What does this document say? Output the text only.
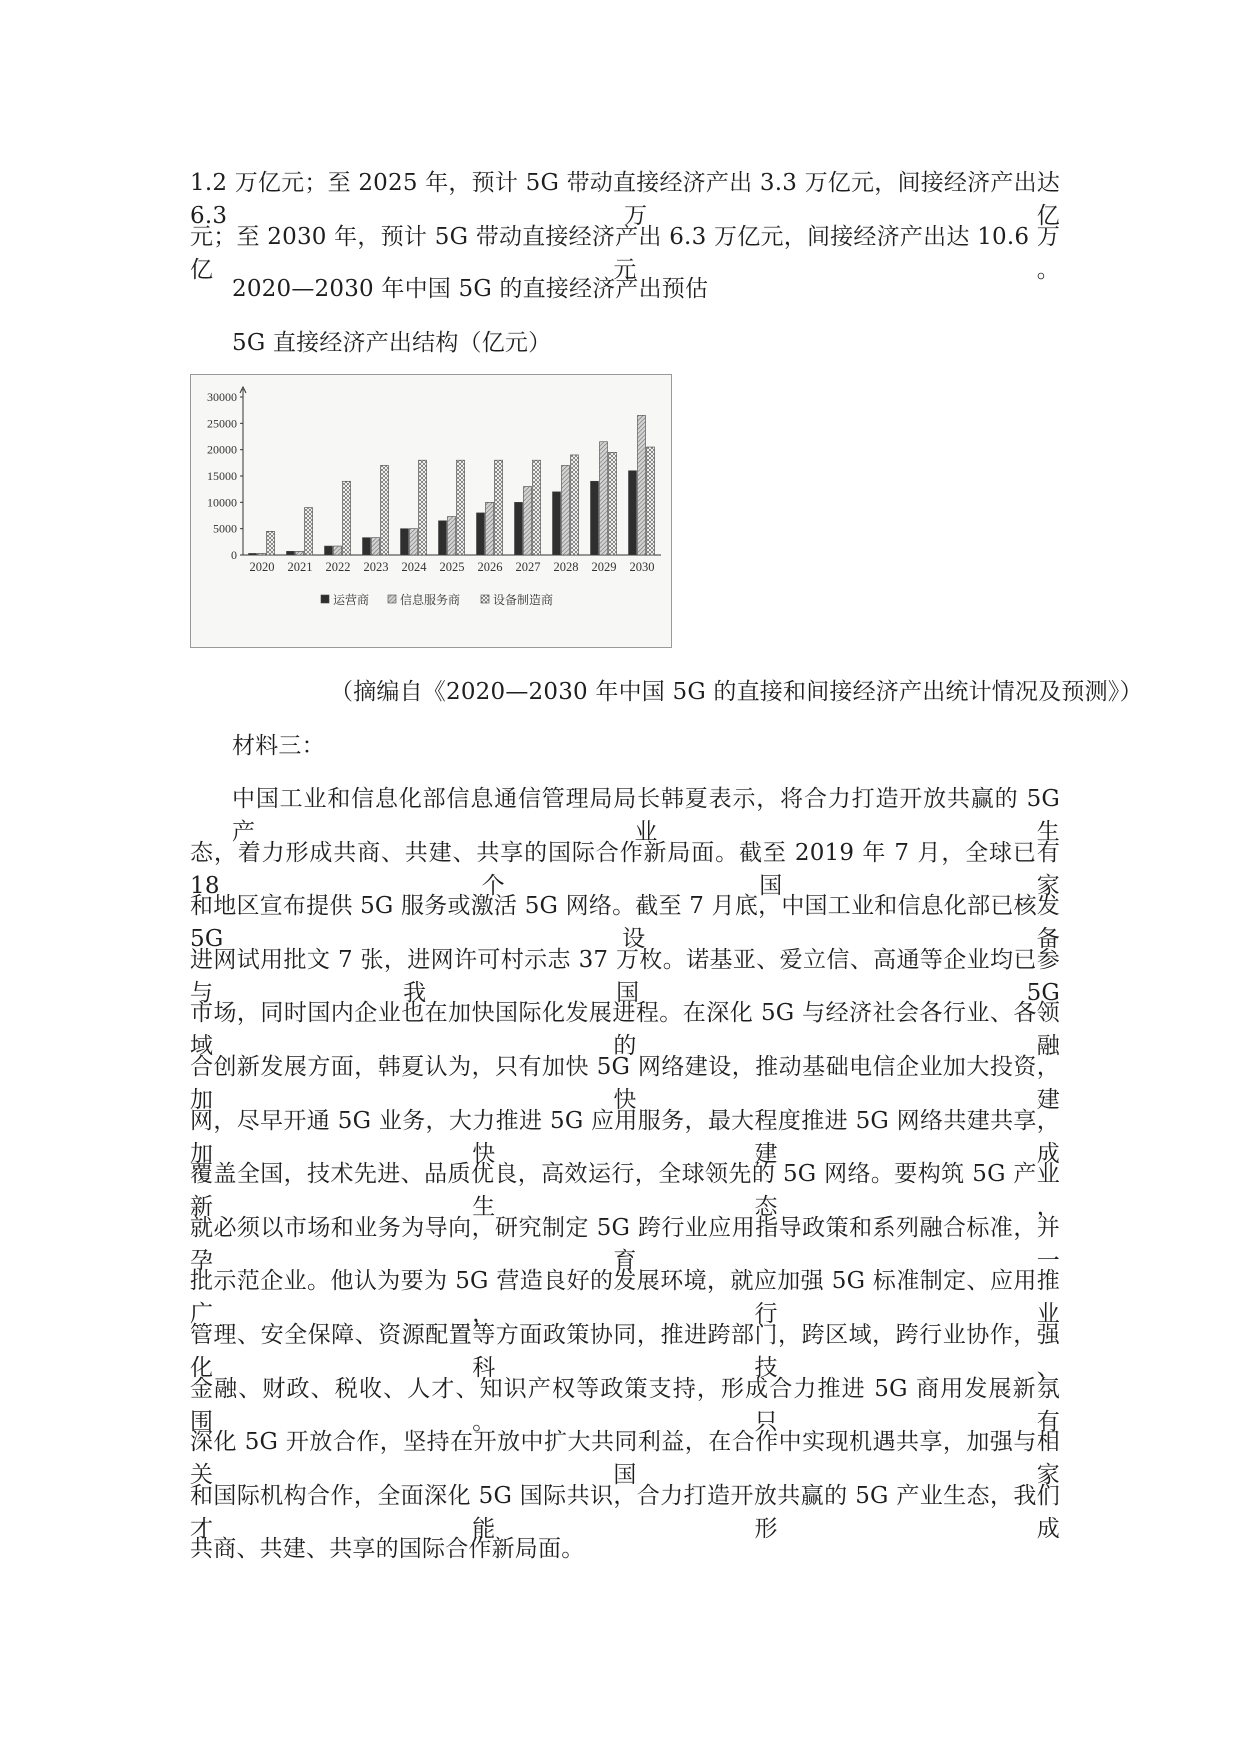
1.2 万亿元；至 2025 年，预计 5G 带动直接经济产出 3.3 万亿元，间接经济产出达 6.3 万亿
元；至 2030 年，预计 5G 带动直接经济产出 6.3 万亿元，间接经济产出达 10.6 万亿元。
2020—2030 年中国 5G 的直接经济产出预估
5G 直接经济产出结构（亿元）
0
5000
10000
15000
20000
25000
30000
2020 2021 2022 2023 2024 2025 2026 2027 2028 2029 2030
运营商	信息服务商	设备制造商
（摘编自《2020—2030 年中国 5G 的直接和间接经济产出统计情况及预测》）
材料三：
中国工业和信息化部信息通信管理局局长韩夏表示，将合力打造开放共赢的 5G 产业生
态，着力形成共商、共建、共享的国际合作新局面。截至 2019 年 7 月，全球已有 18 个国家
和地区宣布提供 5G 服务或激活 5G 网络。截至 7 月底，中国工业和信息化部已核发 5G 设备
进网试用批文 7 张，进网许可村示志 37 万枚。诺基亚、爱立信、高通等企业均已参与我国 5G
市场，同时国内企业也在加快国际化发展进程。在深化 5G 与经济社会各行业、各领域的融
合创新发展方面，韩夏认为，只有加快 5G 网络建设，推动基础电信企业加大投资，加快建
网，尽早开通 5G 业务，大力推进 5G 应用服务，最大程度推进 5G 网络共建共享，加快建成
覆盖全国，技术先进、品质优良，高效运行，全球领先的 5G 网络。要构筑 5G 产业新生态，
就必须以市场和业务为导向，研究制定 5G 跨行业应用指导政策和系列融合标准，并孕育一
批示范企业。他认为要为 5G 营造良好的发展环境，就应加强 5G 标准制定、应用推广，行业
管理、安全保障、资源配置等方面政策协同，推进跨部门，跨区域，跨行业协作，强化科技、
金融、财政、税收、人才、知识产权等政策支持，形成合力推进 5G 商用发展新氛围。只有
深化 5G 开放合作，坚持在开放中扩大共同利益，在合作中实现机遇共享，加强与相关国家
和国际机构合作，全面深化 5G 国际共识，合力打造开放共赢的 5G 产业生态，我们才能形成
共商、共建、共享的国际合作新局面。
